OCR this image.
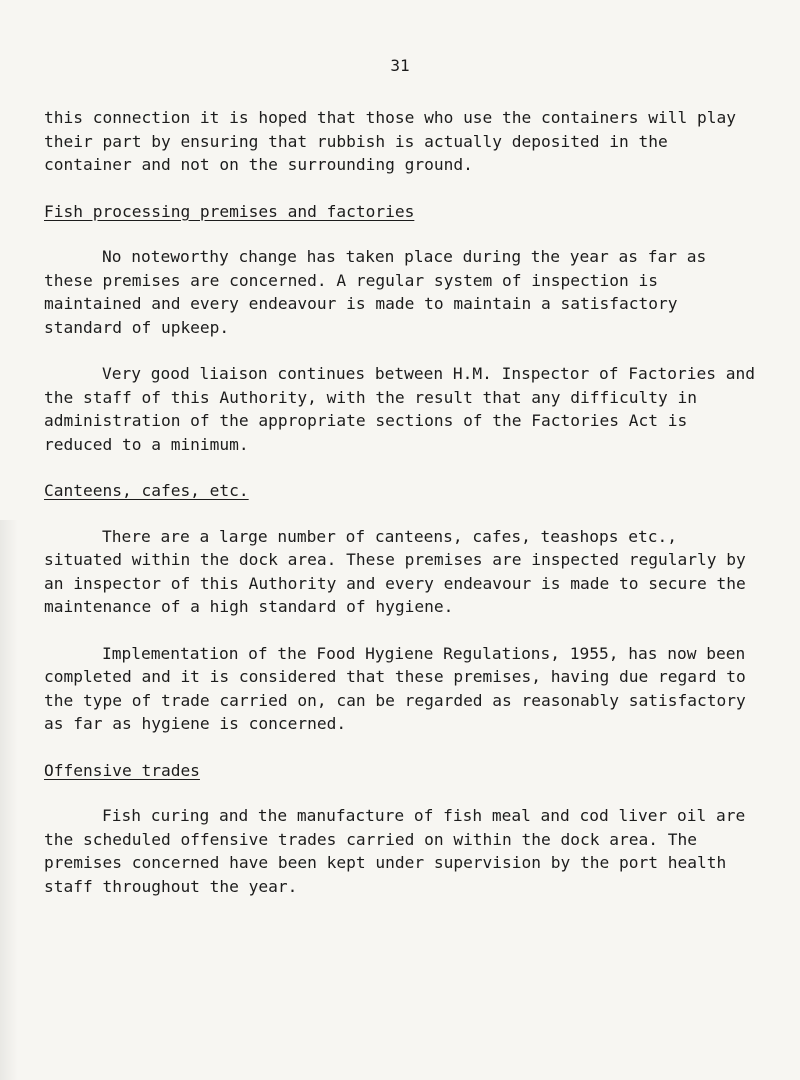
31

this connection it is hoped that those who use the containers will play their part by ensuring that rubbish is actually deposited in the container and not on the surrounding ground.

Fish processing premises and factories

No noteworthy change has taken place during the year as far as these premises are concerned. A regular system of inspection is maintained and every endeavour is made to maintain a satisfactory standard of upkeep.

Very good liaison continues between H.M. Inspector of Factories and the staff of this Authority, with the result that any difficulty in administration of the appropriate sections of the Factories Act is reduced to a minimum.

Canteens, cafes, etc.

There are a large number of canteens, cafes, teashops etc., situated within the dock area. These premises are inspected regularly by an inspector of this Authority and every endeavour is made to secure the maintenance of a high standard of hygiene.

Implementation of the Food Hygiene Regulations, 1955, has now been completed and it is considered that these premises, having due regard to the type of trade carried on, can be regarded as reasonably satisfactory as far as hygiene is concerned.

Offensive trades

Fish curing and the manufacture of fish meal and cod liver oil are the scheduled offensive trades carried on within the dock area. The premises concerned have been kept under supervision by the port health staff throughout the year.
